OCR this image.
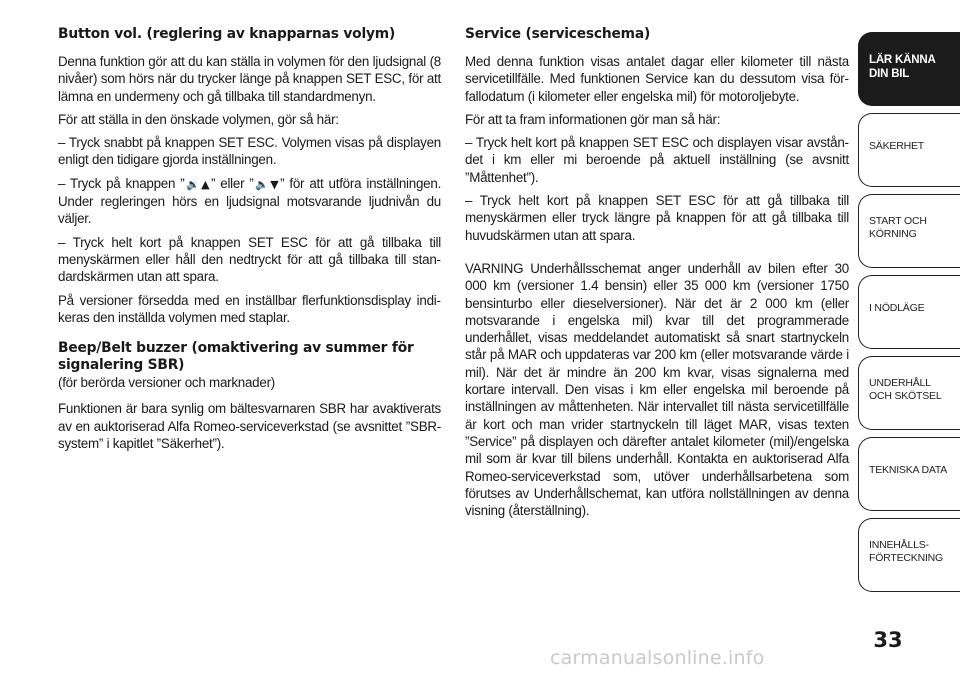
Button vol. (reglering av knapparnas volym)

Denna funktion gör att du kan ställa in volymen för den ljudsignal (8 nivåer) som hörs när du trycker länge på knappen SET ESC, för att lämna en undermeny och gå tillbaka till standardmenyn.

För att ställa in den önskade volymen, gör så här:

– Tryck snabbt på knappen SET ESC. Volymen visas på displayen enligt den tidigare gjorda inställningen.

– Tryck på knappen ”🔉▲” eller ”🔈▼” för att utföra inställningen. Under regleringen hörs en ljudsignal motsvarande ljudnivån du väljer.

– Tryck helt kort på knappen SET ESC för att gå tillbaka till menyskärmen eller håll den nedtryckt för att gå tillbaka till standardskärmen utan att spara.

På versioner försedda med en inställbar flerfunktionsdisplay indikeras den inställda volymen med staplar.

Beep/Belt buzzer (omaktivering av summer för signalering SBR)

(för berörda versioner och marknader)

Funktionen är bara synlig om bältesvarnaren SBR har avaktiverats av en auktoriserad Alfa Romeo-serviceverkstad (se avsnittet ”SBR-system” i kapitlet ”Säkerhet”).

Service (serviceschema)

Med denna funktion visas antalet dagar eller kilometer till nästa servicetillfälle. Med funktionen Service kan du dessutom visa förfallodatum (i kilometer eller engelska mil) för motoroljebyte.

För att ta fram informationen gör man så här:

– Tryck helt kort på knappen SET ESC och displayen visar avståndet i km eller mi beroende på aktuell inställning (se avsnitt ”Måttenhet”).

– Tryck helt kort på knappen SET ESC för att gå tillbaka till menyskärmen eller tryck längre på knappen för att gå tillbaka till huvudskärmen utan att spara.

VARNING Underhållsschemat anger underhåll av bilen efter 30 000 km (versioner 1.4 bensin) eller 35 000 km (versioner 1750 bensinturbo eller dieselversioner). När det är 2 000 km (eller motsvarande i engelska mil) kvar till det programmerade underhållet, visas meddelandet automatiskt så snart startnyckeln står på MAR och uppdateras var 200 km (eller motsvarande värde i mil). När det är mindre än 200 km kvar, visas signalerna med kortare intervall. Den visas i km eller engelska mil beroende på inställningen av måttenheten. När intervallet till nästa servicetillfälle är kort och man vrider startnyckeln till läget MAR, visas texten ”Service” på displayen och därefter antalet kilometer (mil)/engelska mil som är kvar till bilens underhåll. Kontakta en auktoriserad Alfa Romeo-serviceverkstad som, utöver underhållsarbetena som förutses av Underhållschemat, kan utföra nollställningen av denna visning (återställning).

LÄR KÄNNA
DIN BIL
SÄKERHET
START OCH
KÖRNING
I NÖDLÄGE
UNDERHÅLL
OCH SKÖTSEL
TEKNISKA DATA
INNEHÅLLS-
FÖRTECKNING
33
carmanualsonline.info
